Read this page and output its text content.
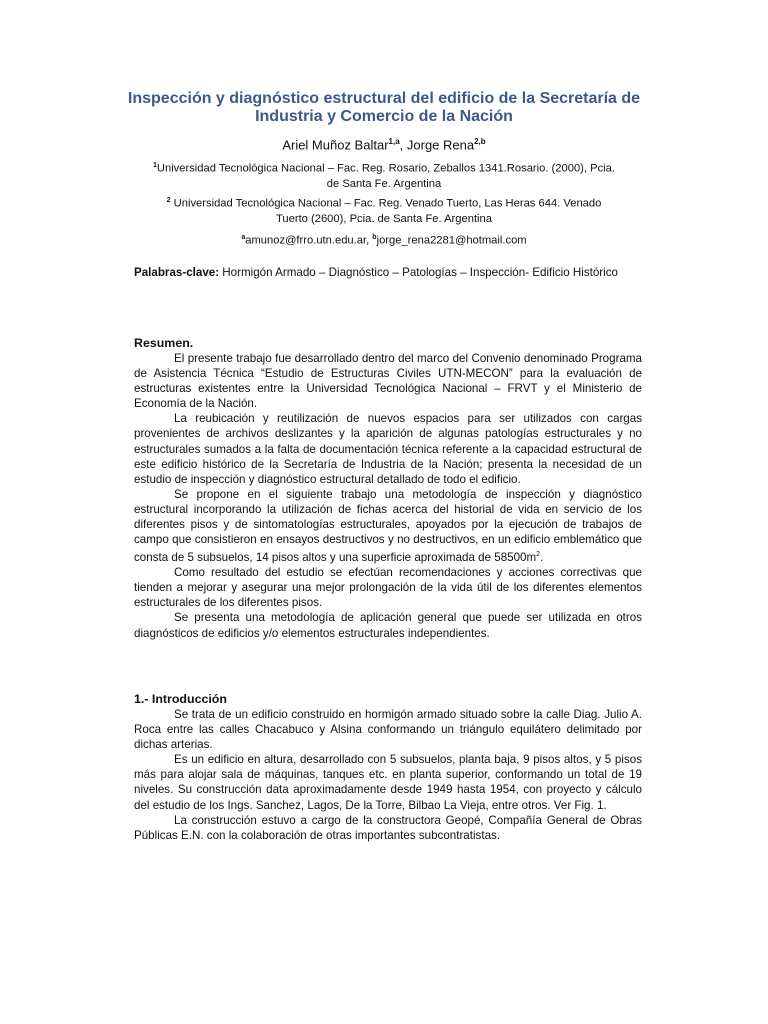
Inspección y diagnóstico estructural del edificio de la Secretaría de Industria y Comercio de la Nación
Ariel Muñoz Baltar$^{1,a}$, Jorge Rena$^{2,b}$
$^1$Universidad Tecnológica Nacional – Fac. Reg. Rosario, Zeballos 1341.Rosario. (2000), Pcia. de Santa Fe. Argentina
$^2$ Universidad Tecnológica Nacional – Fac. Reg. Venado Tuerto, Las Heras 644. Venado Tuerto (2600), Pcia. de Santa Fe. Argentina
$^a$amunoz@frro.utn.edu.ar, $^b$jorge_rena2281@hotmail.com
Palabras-clave: Hormigón Armado – Diagnóstico – Patologías – Inspección- Edificio Histórico
Resumen.

El presente trabajo fue desarrollado dentro del marco del Convenio denominado Programa de Asistencia Técnica “Estudio de Estructuras Civiles UTN-MECON” para la evaluación de estructuras existentes entre la Universidad Tecnológica Nacional – FRVT y el Ministerio de Economía de la Nación.

La reubicación y reutilización de nuevos espacios para ser utilizados con cargas provenientes de archivos deslizantes y la aparición de algunas patologías estructurales y no estructurales sumados a la falta de documentación técnica referente a la capacidad estructural de este edificio histórico de la Secretaría de Industria de la Nación; presenta la necesidad de un estudio de inspección y diagnóstico estructural detallado de todo el edificio.

Se propone en el siguiente trabajo una metodología de inspección y diagnóstico estructural incorporando la utilización de fichas acerca del historial de vida en servicio de los diferentes pisos y de sintomatologías estructurales, apoyados por la ejecución de trabajos de campo que consistieron en ensayos destructivos y no destructivos, en un edificio emblemático que consta de 5 subsuelos, 14 pisos altos y una superficie aproximada de $58500m^2$.

Como resultado del estudio se efectúan recomendaciones y acciones correctivas que tienden a mejorar y asegurar una mejor prolongación de la vida útil de los diferentes elementos estructurales de los diferentes pisos.

Se presenta una metodología de aplicación general que puede ser utilizada en otros diagnósticos de edificios y/o elementos estructurales independientes.

1.- Introducción

Se trata de un edificio construido en hormigón armado situado sobre la calle Diag. Julio A. Roca entre las calles Chacabuco y Alsina conformando un triángulo equilátero delimitado por dichas arterias.

Es un edificio en altura, desarrollado con 5 subsuelos, planta baja, 9 pisos altos, y 5 pisos más para alojar sala de máquinas, tanques etc. en planta superior, conformando un total de 19 niveles. Su construcción data aproximadamente desde 1949 hasta 1954, con proyecto y cálculo del estudio de los Ings. Sanchez, Lagos, De la Torre, Bilbao La Vieja, entre otros. Ver Fig. 1.

La construcción estuvo a cargo de la constructora Geopé, Compañía General de Obras Públicas E.N. con la colaboración de otras importantes subcontratistas.
